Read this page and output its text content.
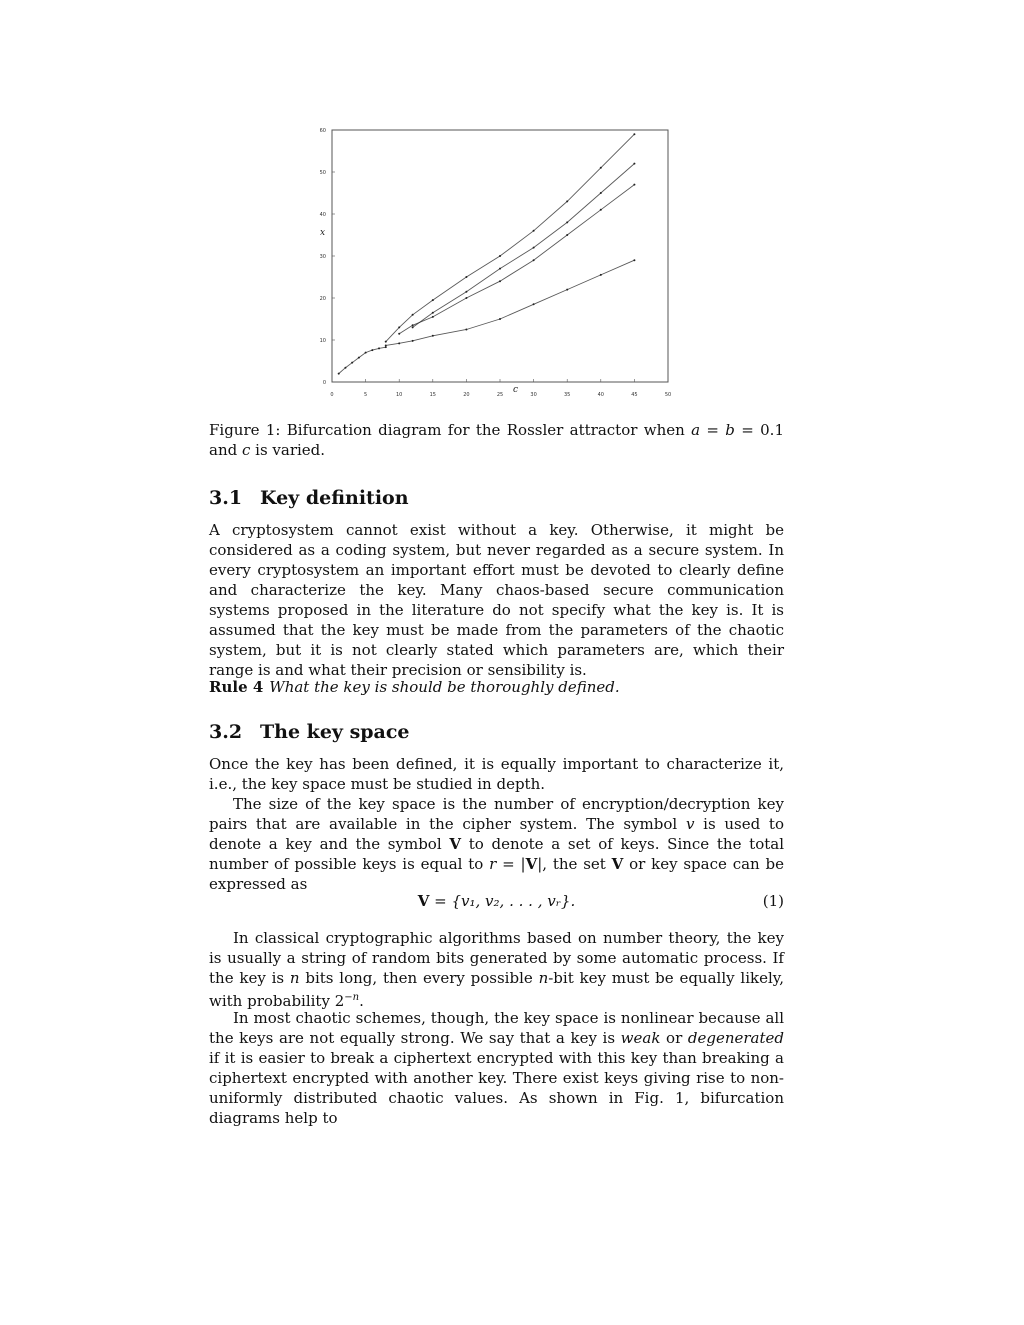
0	5	10	15	20	25	30	35	40	45	50
0
10
20
30
40
50
60
c
x
Figure 1: Bifurcation diagram for the Rossler attractor when a = b = 0.1 and c is varied.
3.1 Key definition

A cryptosystem cannot exist without a key. Otherwise, it might be considered as a coding system, but never regarded as a secure system. In every cryptosystem an important effort must be devoted to clearly define and characterize the key. Many chaos-based secure communication systems proposed in the literature do not specify what the key is. It is assumed that the key must be made from the parameters of the chaotic system, but it is not clearly stated which parameters are, which their range is and what their precision or sensibility is.

Rule 4 What the key is should be thoroughly defined.
3.2 The key space

Once the key has been defined, it is equally important to characterize it, i.e., the key space must be studied in depth.

The size of the key space is the number of encryption/decryption key pairs that are available in the cipher system. The symbol v is used to denote a key and the symbol V to denote a set of keys. Since the total number of possible keys is equal to r = |V|, the set V or key space can be expressed as

V = {v₁, v₂, . . . , vᵣ}.	(1)

In classical cryptographic algorithms based on number theory, the key is usually a string of random bits generated by some automatic process. If the key is n bits long, then every possible n-bit key must be equally likely, with probability $2^{-n}$.

In most chaotic schemes, though, the key space is nonlinear because all the keys are not equally strong. We say that a key is weak or degenerated if it is easier to break a ciphertext encrypted with this key than breaking a ciphertext encrypted with another key. There exist keys giving rise to non-uniformly distributed chaotic values. As shown in Fig. 1, bifurcation diagrams help to
